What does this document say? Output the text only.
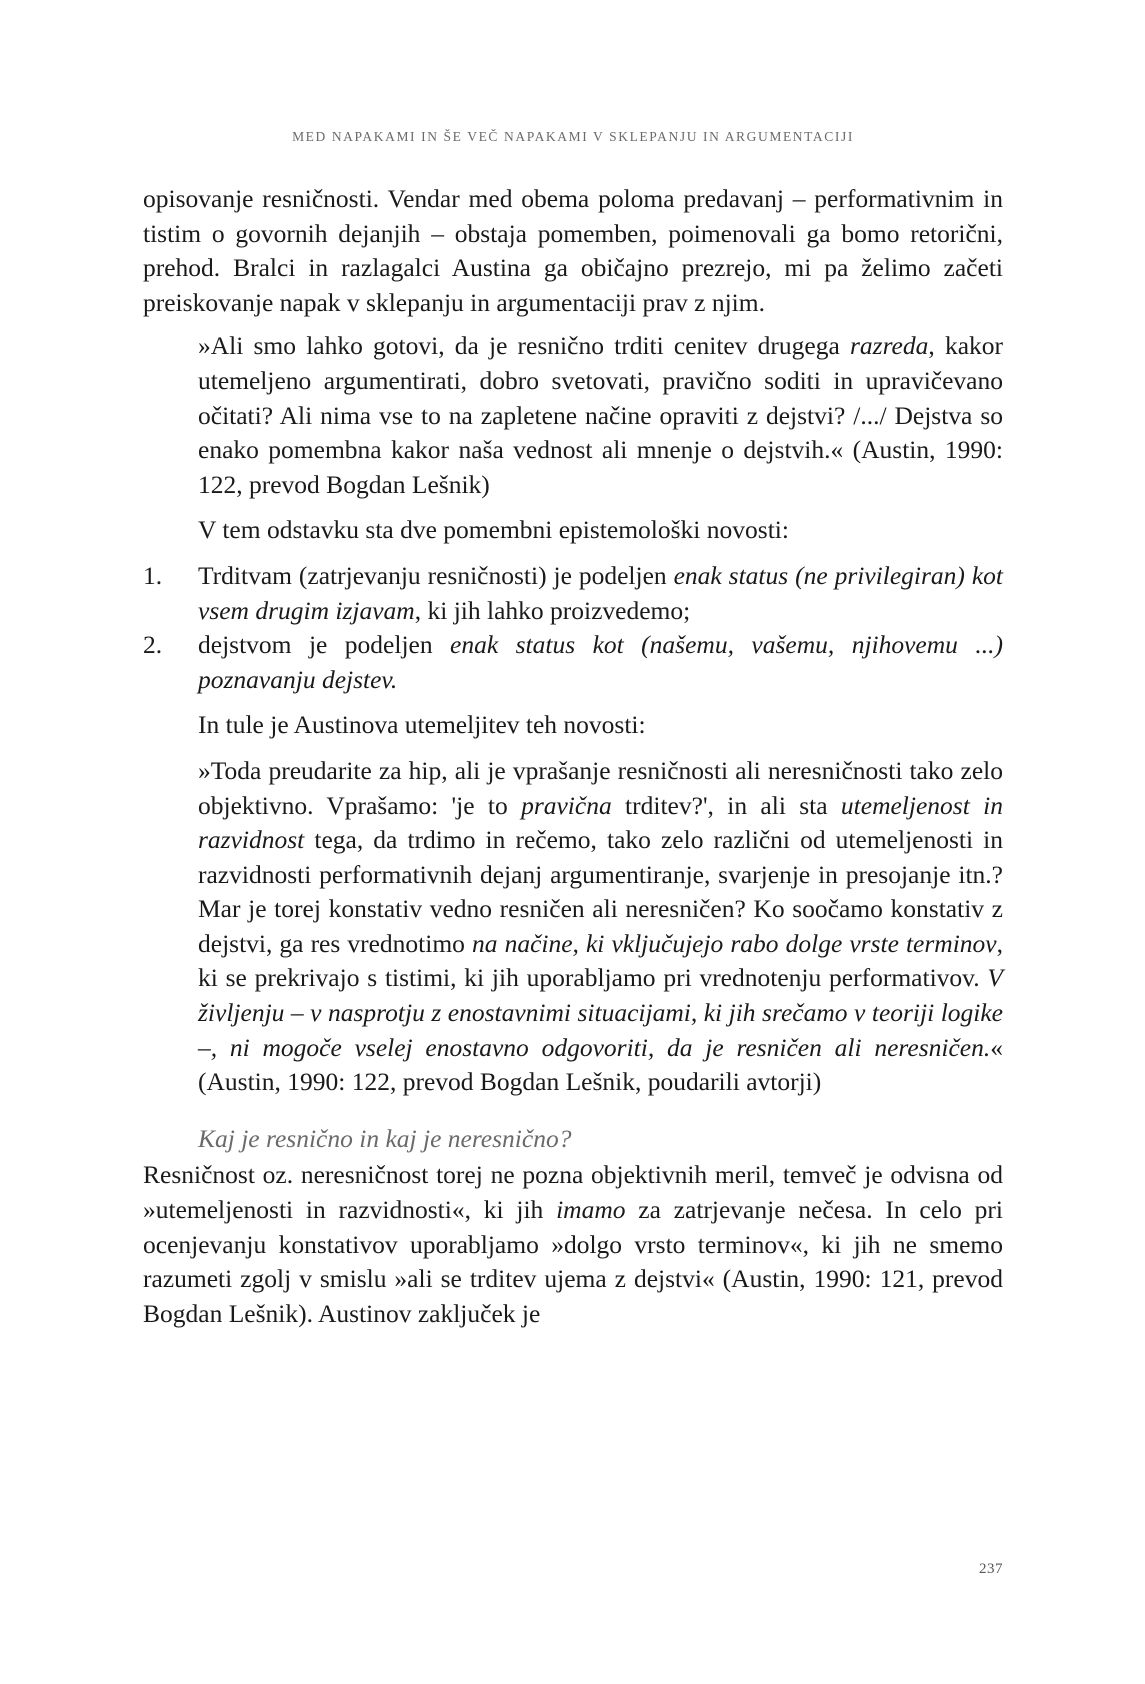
MED NAPAKAMI IN ŠE VEČ NAPAKAMI V SKLEPANJU IN ARGUMENTACIJI

opisovanje resničnosti. Vendar med obema poloma predavanj – performativnim in tistim o govornih dejanjih – obstaja pomemben, poimenovali ga bomo retorični, prehod. Bralci in razlagalci Austina ga običajno prezrejo, mi pa želimo začeti preiskovanje napak v sklepanju in argumentaciji prav z njim.

»Ali smo lahko gotovi, da je resnično trditi cenitev drugega razreda, kakor utemeljeno argumentirati, dobro svetovati, pravično soditi in upravičevano očitati? Ali nima vse to na zapletene načine opraviti z dejstvi? /.../ Dejstva so enako pomembna kakor naša vednost ali mnenje o dejstvih.« (Austin, 1990: 122, prevod Bogdan Lešnik)

V tem odstavku sta dve pomembni epistemološki novosti:

1. Trditvam (zatrjevanju resničnosti) je podeljen enak status (ne privilegiran) kot vsem drugim izjavam, ki jih lahko proizvedemo;
2. dejstvom je podeljen enak status kot (našemu, vašemu, njihovemu ...) poznavanju dejstev.

In tule je Austinova utemeljitev teh novosti:

»Toda preudarite za hip, ali je vprašanje resničnosti ali neresničnosti tako zelo objektivno. Vprašamo: 'je to pravična trditev?', in ali sta utemeljenost in razvidnost tega, da trdimo in rečemo, tako zelo različni od utemeljenosti in razvidnosti performativnih dejanj argumentiranje, svarjenje in presojanje itn.? Mar je torej konstativ vedno resničen ali neresničen? Ko soočamo konstativ z dejstvi, ga res vrednotimo na načine, ki vključujejo rabo dolge vrste terminov, ki se prekrivajo s tistimi, ki jih uporabljamo pri vrednotenju performativov. V življenju – v nasprotju z enostavnimi situacijami, ki jih srečamo v teoriji logike –, ni mogoče vselej enostavno odgovoriti, da je resničen ali neresničen.« (Austin, 1990: 122, prevod Bogdan Lešnik, poudarili avtorji)

Kaj je resnično in kaj je neresnično?

Resničnost oz. neresničnost torej ne pozna objektivnih meril, temveč je odvisna od »utemeljenosti in razvidnosti«, ki jih imamo za zatrjevanje nečesa. In celo pri ocenjevanju konstativov uporabljamo »dolgo vrsto terminov«, ki jih ne smemo razumeti zgolj v smislu »ali se trditev ujema z dejstvi« (Austin, 1990: 121, prevod Bogdan Lešnik). Austinov zaključek je

237
